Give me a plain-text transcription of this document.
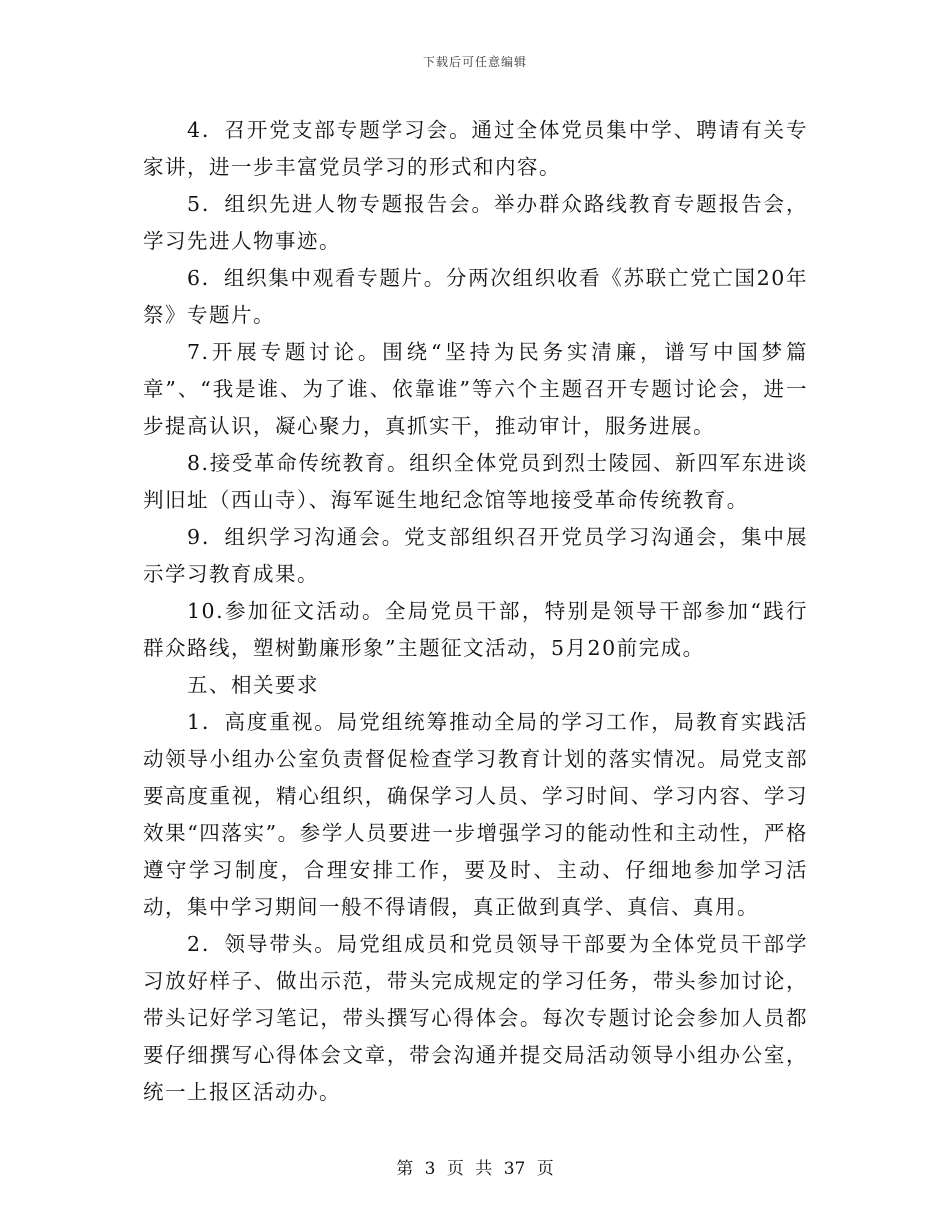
下载后可任意编辑

4．召开党支部专题学习会。通过全体党员集中学、聘请有关专家讲，进一步丰富党员学习的形式和内容。

5．组织先进人物专题报告会。举办群众路线教育专题报告会，学习先进人物事迹。

6．组织集中观看专题片。分两次组织收看《苏联亡党亡国20年祭》专题片。

7.开展专题讨论。围绕“坚持为民务实清廉，谱写中国梦篇章”、“我是谁、为了谁、依靠谁”等六个主题召开专题讨论会，进一步提高认识，凝心聚力，真抓实干，推动审计，服务进展。

8.接受革命传统教育。组织全体党员到烈士陵园、新四军东进谈判旧址（西山寺）、海军诞生地纪念馆等地接受革命传统教育。

9．组织学习沟通会。党支部组织召开党员学习沟通会，集中展示学习教育成果。

10.参加征文活动。全局党员干部，特别是领导干部参加“践行群众路线，塑树勤廉形象”主题征文活动，5月20前完成。

五、相关要求

1．高度重视。局党组统筹推动全局的学习工作，局教育实践活动领导小组办公室负责督促检查学习教育计划的落实情况。局党支部要高度重视，精心组织，确保学习人员、学习时间、学习内容、学习效果“四落实”。参学人员要进一步增强学习的能动性和主动性，严格遵守学习制度，合理安排工作，要及时、主动、仔细地参加学习活动，集中学习期间一般不得请假，真正做到真学、真信、真用。

2．领导带头。局党组成员和党员领导干部要为全体党员干部学习放好样子、做出示范，带头完成规定的学习任务，带头参加讨论，带头记好学习笔记，带头撰写心得体会。每次专题讨论会参加人员都要仔细撰写心得体会文章，带会沟通并提交局活动领导小组办公室，统一上报区活动办。

第 3 页 共 37 页
